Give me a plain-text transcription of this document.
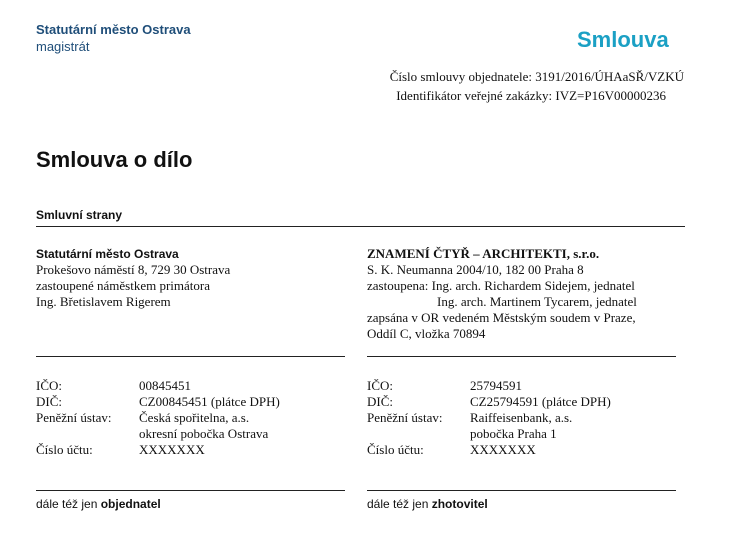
Statutární město Ostrava
magistrát	Smlouva
Číslo smlouvy objednatele: 3191/2016/ÚHAaSŘ/VZKÚ
Identifikátor veřejné zakázky: IVZ=P16V00000236
Smlouva o dílo
Smluvní strany
Statutární město Ostrava
Prokešovo náměstí 8, 729 30 Ostrava
zastoupené náměstkem primátora
Ing. Břetislavem Rigerem
ZNAMENÍ ČTYŘ – ARCHITEKTI, s.r.o.
S. K. Neumanna 2004/10, 182 00 Praha 8
zastoupena: Ing. arch. Richardem Sidejem, jednatel
Ing. arch. Martinem Tycarem, jednatel
zapsána v OR vedeném Městským soudem v Praze,
Oddíl C, vložka 70894
IČO:	00845451
DIČ:	CZ00845451 (plátce DPH)
Peněžní ústav:	Česká spořitelna, a.s.
okresní pobočka Ostrava
Číslo účtu:	XXXXXXX
IČO:	25794591
DIČ:	CZ25794591 (plátce DPH)
Peněžní ústav:	Raiffeisenbank, a.s.
pobočka Praha 1
Číslo účtu:	XXXXXXX
dále též jen objednatel	dále též jen zhotovitel
